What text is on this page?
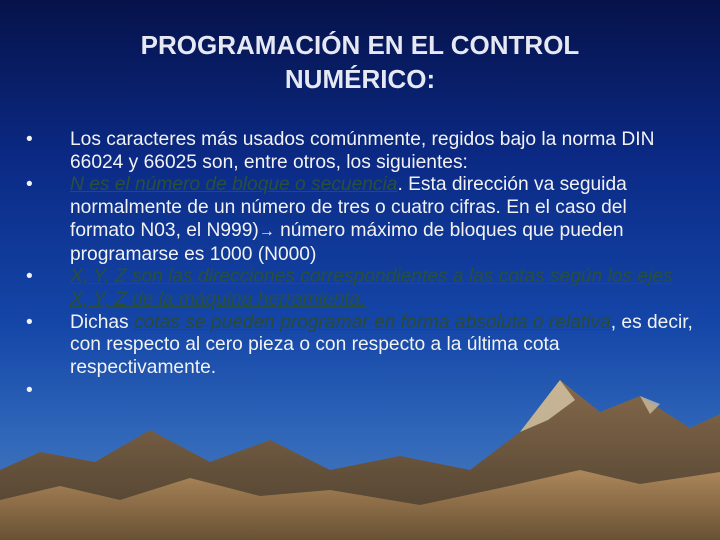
PROGRAMACIÓN EN EL CONTROL
NUMÉRICO:
• Los caracteres más usados comúnmente, regidos bajo la norma DIN 66024 y 66025 son, entre otros, los siguientes:
• N es el número de bloque o secuencia. Esta dirección va seguida normalmente de un número de tres o cuatro cifras. En el caso del formato N03, el N999)→ número máximo de bloques que pueden programarse es 1000 (N000)
• X, Y, Z son las direcciones correspondientes a las cotas según los ejes X, Y, Z de la máquina herramienta.
• Dichas cotas se pueden programar en forma absoluta o relativa, es decir, con respecto al cero pieza o con respecto a la última cota respectivamente.
•
